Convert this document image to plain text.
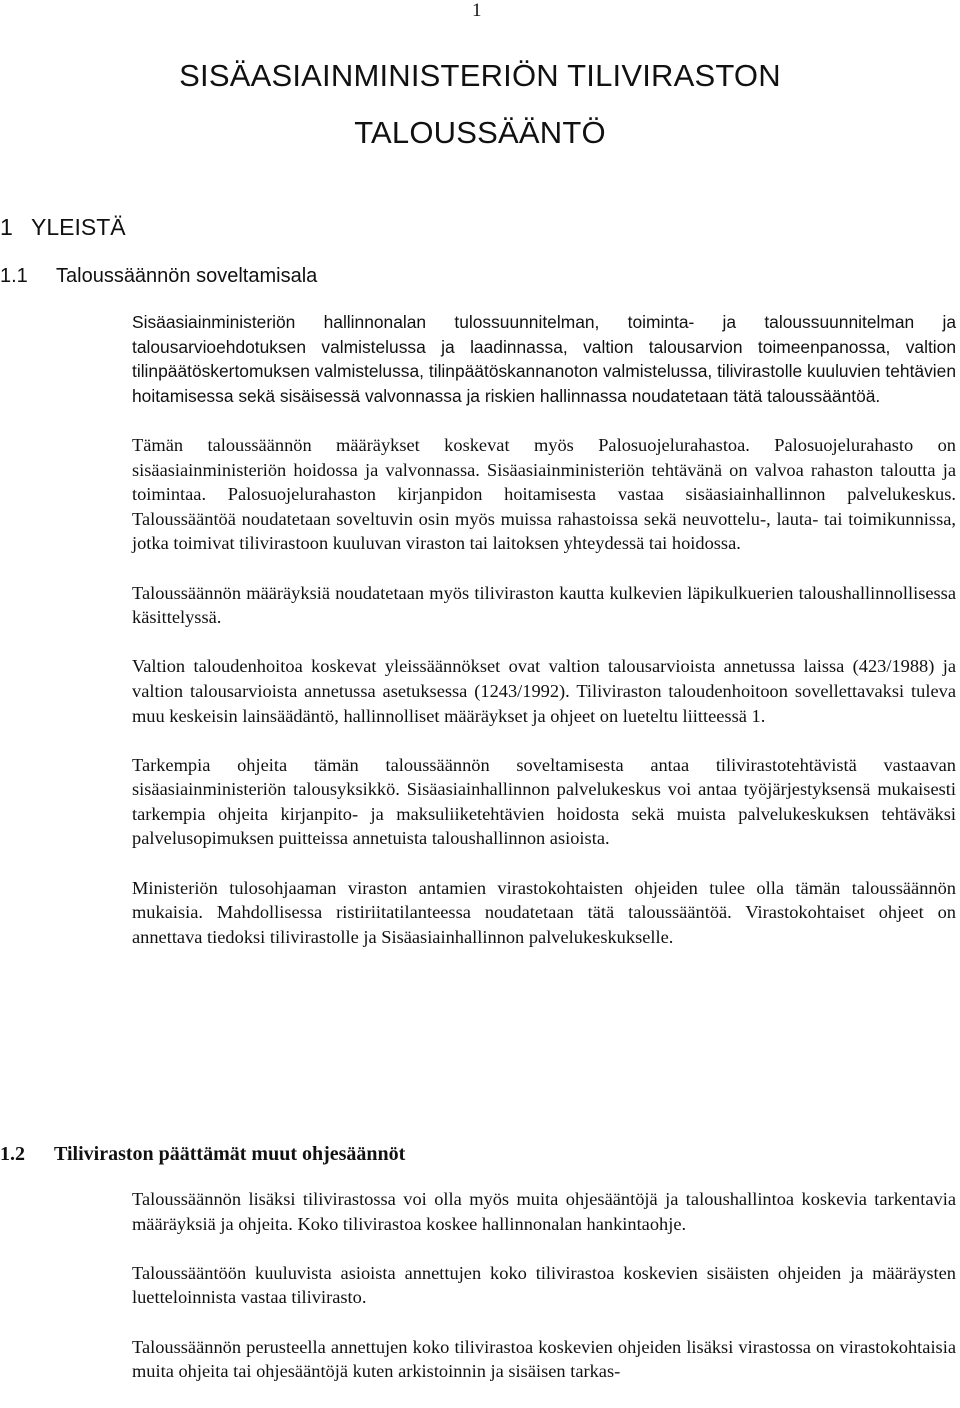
1
SISÄASIAINMINISTERIÖN TILIVIRASTON
TALOUSSÄÄNTÖ
1 YLEISTÄ
1.1 Taloussäännön soveltamisala

Sisäasiainministeriön hallinnonalan tulossuunnitelman, toiminta- ja taloussuunnitelman ja talousarvioehdotuksen valmistelussa ja laadinnassa, valtion talousarvion toimeenpanossa, valtion tilinpäätöskertomuksen valmistelussa, tilinpäätöskannanoton valmistelussa, tilivirastolle kuuluvien tehtävien hoitamisessa sekä sisäisessä valvonnassa ja riskien hallinnassa noudatetaan tätä taloussääntöä.

Tämän taloussäännön määräykset koskevat myös Palosuojelurahastoa. Palosuojelurahasto on sisäasiainministeriön hoidossa ja valvonnassa. Sisäasiainministeriön tehtävänä on valvoa rahaston taloutta ja toimintaa. Palosuojelurahaston kirjanpidon hoitamisesta vastaa sisäasiainhallinnon palvelukeskus. Taloussääntöä noudatetaan soveltuvin osin myös muissa rahastoissa sekä neuvottelu-, lauta- tai toimikunnissa, jotka toimivat tilivirastoon kuuluvan viraston tai laitoksen yhteydessä tai hoidossa.

Taloussäännön määräyksiä noudatetaan myös tiliviraston kautta kulkevien läpikulkuerien taloushallinnollisessa käsittelyssä.

Valtion taloudenhoitoa koskevat yleissäännökset ovat valtion talousarvioista annetussa laissa (423/1988) ja valtion talousarvioista annetussa asetuksessa (1243/1992). Tiliviraston taloudenhoitoon sovellettavaksi tuleva muu keskeisin lainsäädäntö, hallinnolliset määräykset ja ohjeet on lueteltu liitteessä 1.

Tarkempia ohjeita tämän taloussäännön soveltamisesta antaa tilivirastotehtävistä vastaavan sisäasiainministeriön talousyksikkö. Sisäasiainhallinnon palvelukeskus voi antaa työjärjestyksensä mukaisesti tarkempia ohjeita kirjanpito- ja maksuliiketehtävien hoidosta sekä muista palvelukeskuksen tehtäväksi palvelusopimuksen puitteissa annetuista taloushallinnon asioista.

Ministeriön tulosohjaaman viraston antamien virastokohtaisten ohjeiden tulee olla tämän taloussäännön mukaisia. Mahdollisessa ristiriitatilanteessa noudatetaan tätä taloussääntöä. Virastokohtaiset ohjeet on annettava tiedoksi tilivirastolle ja Sisäasiainhallinnon palvelukeskukselle.

1.2 Tiliviraston päättämät muut ohjesäännöt

Taloussäännön lisäksi tilivirastossa voi olla myös muita ohjesääntöjä ja taloushallintoa koskevia tarkentavia määräyksiä ja ohjeita. Koko tilivirastoa koskee hallinnonalan hankintaohje.

Taloussääntöön kuuluvista asioista annettujen koko tilivirastoa koskevien sisäisten ohjeiden ja määräysten luetteloinnista vastaa tilivirasto.

Taloussäännön perusteella annettujen koko tilivirastoa koskevien ohjeiden lisäksi virastossa on virastokohtaisia muita ohjeita tai ohjesääntöjä kuten arkistoinnin ja sisäisen tarkas-
